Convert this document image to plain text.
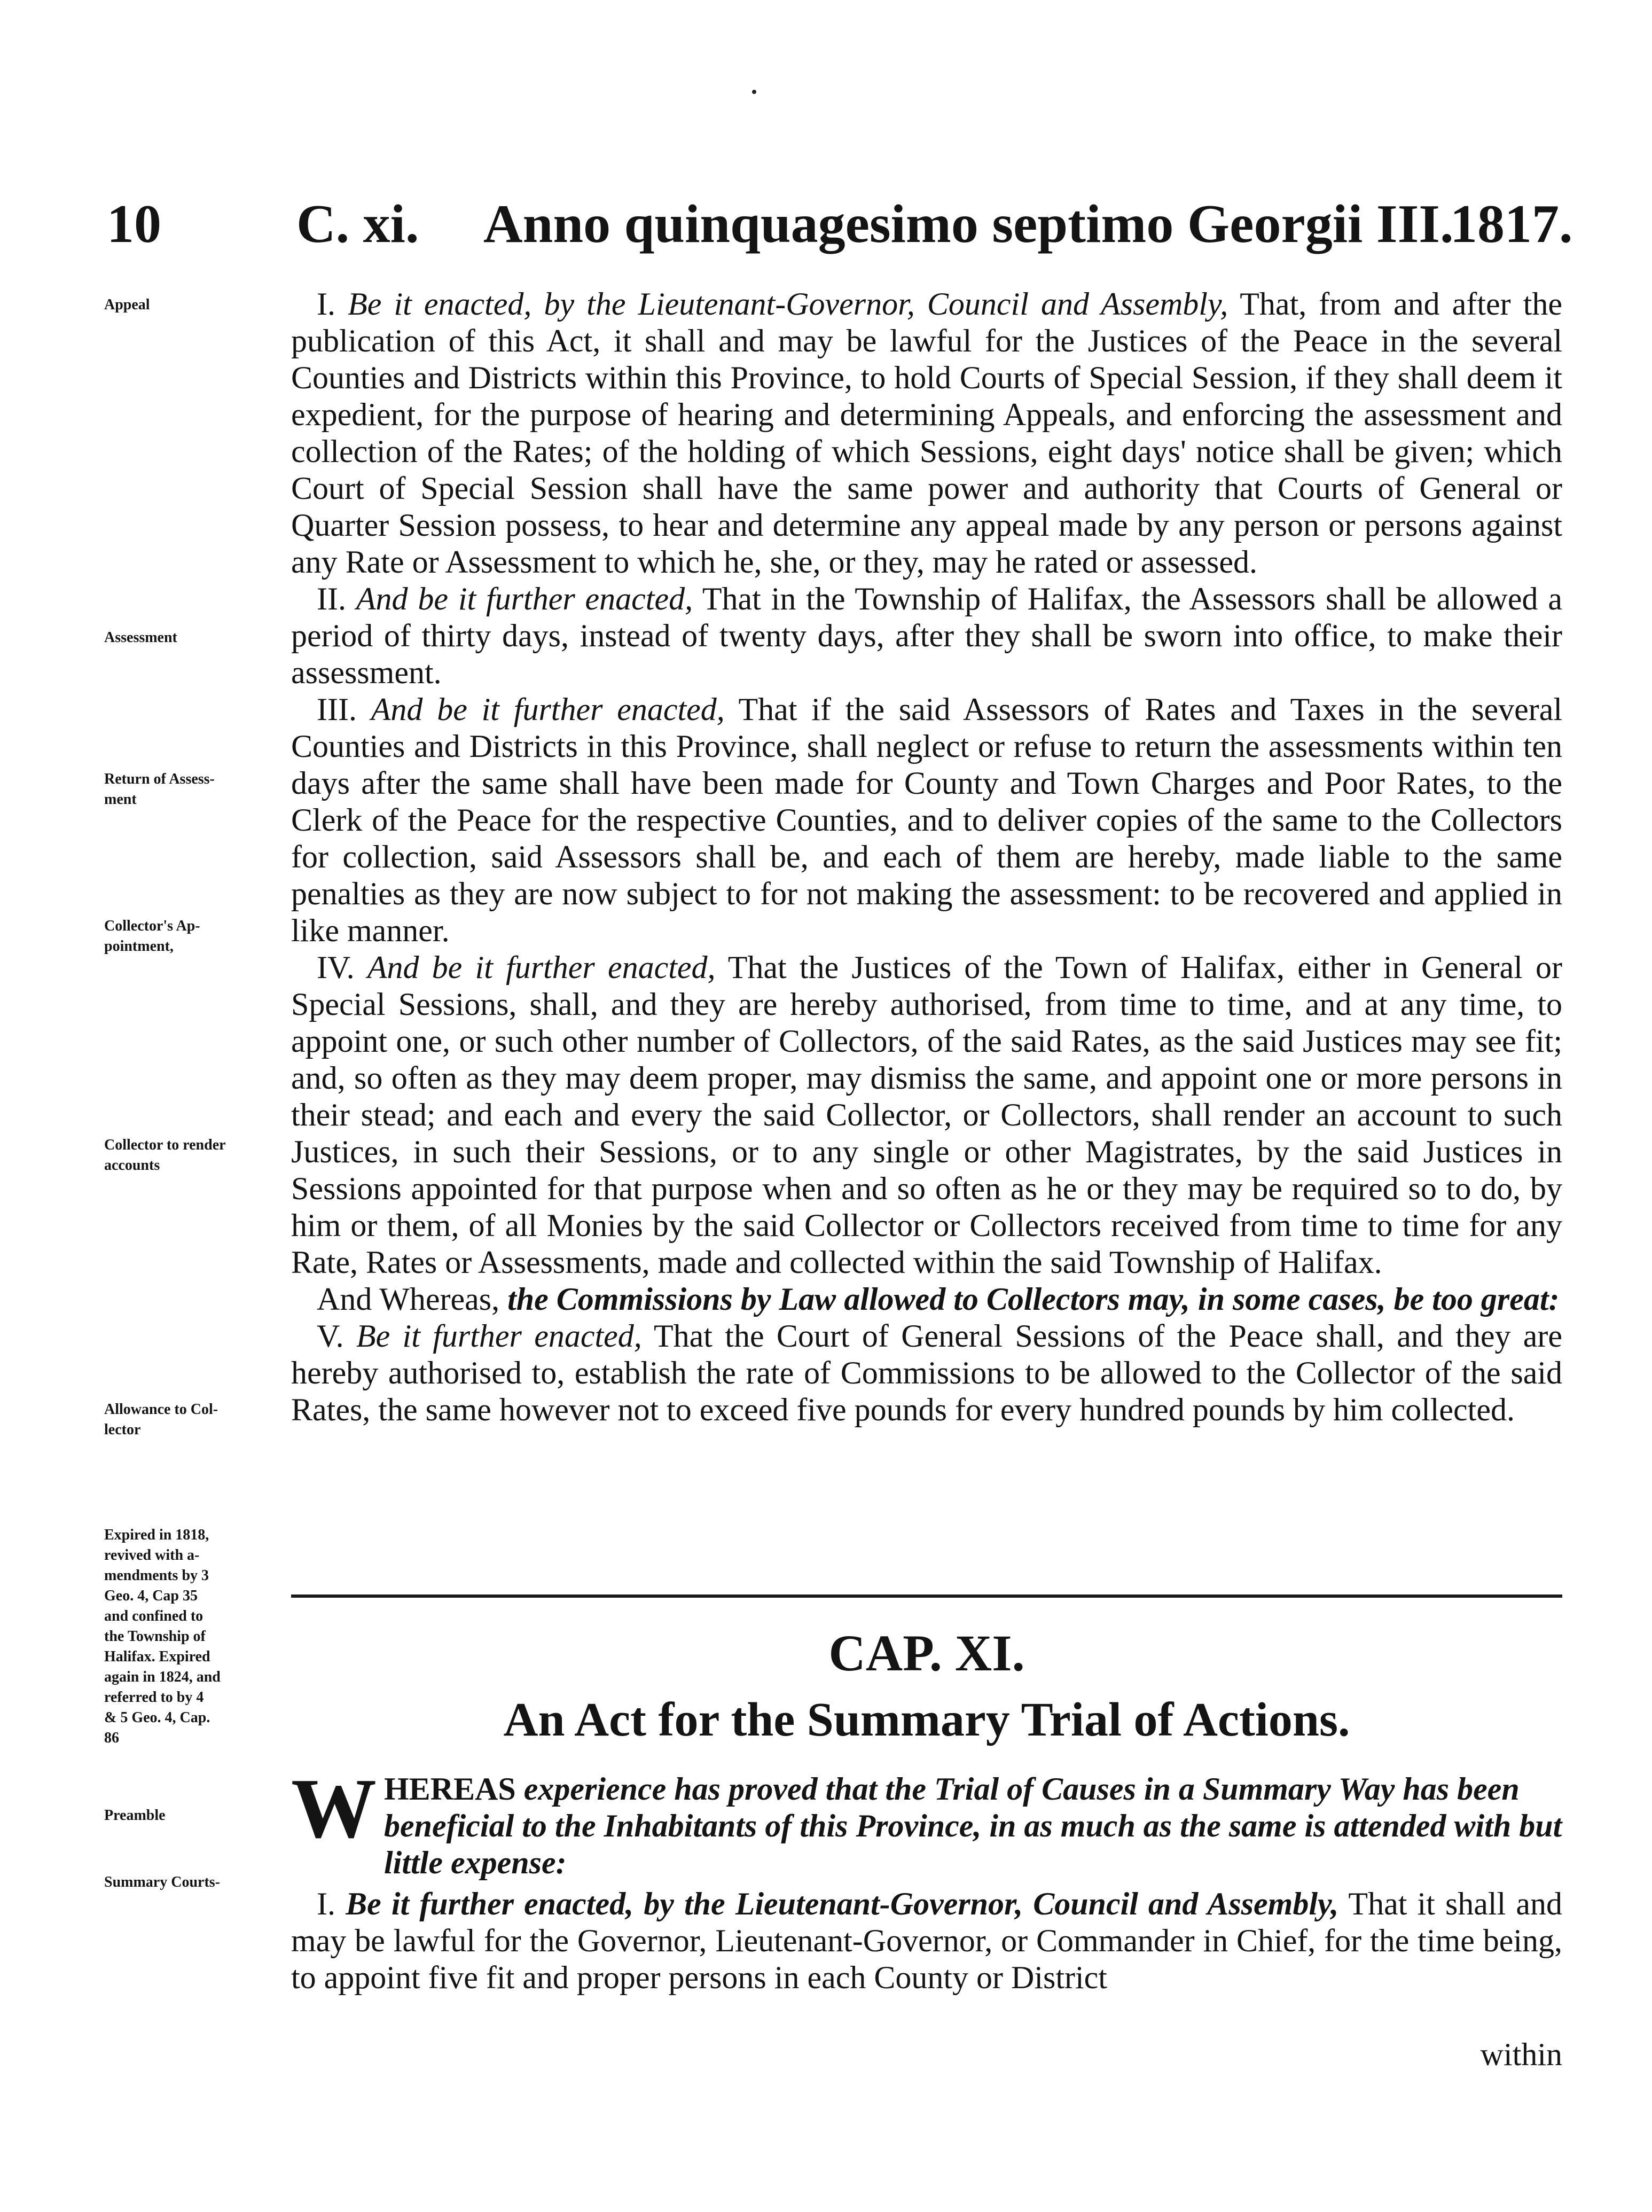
10 C. xi. Anno quinquagesimo septimo Georgii III.
1817.
Appeal
Assessment
Return of Assess-
ment
Collector's Ap-
pointment,
Collector to render
accounts
Allowance to Col-
lector
Expired in 1818,
revived with a-
mendments by 3
Geo. 4, Cap 35
and confined to
the Township of
Halifax. Expired
again in 1824, and
referred to by 4
& 5 Geo. 4, Cap.
86
Preamble
Summary Courts-

I. Be it enacted, by the Lieutenant-Governor, Council and Assembly, That, from and after the publication of this Act, it shall and may be lawful for the Justices of the Peace in the several Counties and Districts within this Province, to hold Courts of Special Session, if they shall deem it expedient, for the purpose of hearing and determining Appeals, and enforcing the assessment and collection of the Rates; of the holding of which Sessions, eight days' notice shall be given; which Court of Special Session shall have the same power and authority that Courts of General or Quarter Session possess, to hear and determine any appeal made by any person or persons against any Rate or Assessment to which he, she, or they, may he rated or assessed.

II. And be it further enacted, That in the Township of Halifax, the Assessors shall be allowed a period of thirty days, instead of twenty days, after they shall be sworn into office, to make their assessment.

III. And be it further enacted, That if the said Assessors of Rates and Taxes in the several Counties and Districts in this Province, shall neglect or refuse to return the assessments within ten days after the same shall have been made for County and Town Charges and Poor Rates, to the Clerk of the Peace for the respective Counties, and to deliver copies of the same to the Collectors for collection, said Assessors shall be, and each of them are hereby, made liable to the same penalties as they are now subject to for not making the assessment: to be recovered and applied in like manner.

IV. And be it further enacted, That the Justices of the Town of Halifax, either in General or Special Sessions, shall, and they are hereby authorised, from time to time, and at any time, to appoint one, or such other number of Collectors, of the said Rates, as the said Justices may see fit; and, so often as they may deem proper, may dismiss the same, and appoint one or more persons in their stead; and each and every the said Collector, or Collectors, shall render an account to such Justices, in such their Sessions, or to any single or other Magistrates, by the said Justices in Sessions appointed for that purpose when and so often as he or they may be required so to do, by him or them, of all Monies by the said Collector or Collectors received from time to time for any Rate, Rates or Assessments, made and collected within the said Township of Halifax.

And Whereas, the Commissions by Law allowed to Collectors may, in some cases, be too great:

V. Be it further enacted, That the Court of General Sessions of the Peace shall, and they are hereby authorised to, establish the rate of Commissions to be allowed to the Collector of the said Rates, the same however not to exceed five pounds for every hundred pounds by him collected.

CAP. XI.
An Act for the Summary Trial of Actions.

W HEREAS experience has proved that the Trial of Causes in a Summary Way has been beneficial to the Inhabitants of this Province, in as much as the same is attended with but little expense:

I. Be it further enacted, by the Lieutenant-Governor, Council and Assembly, That it shall and may be lawful for the Governor, Lieutenant-Governor, or Commander in Chief, for the time being, to appoint five fit and proper persons in each County or District

within
